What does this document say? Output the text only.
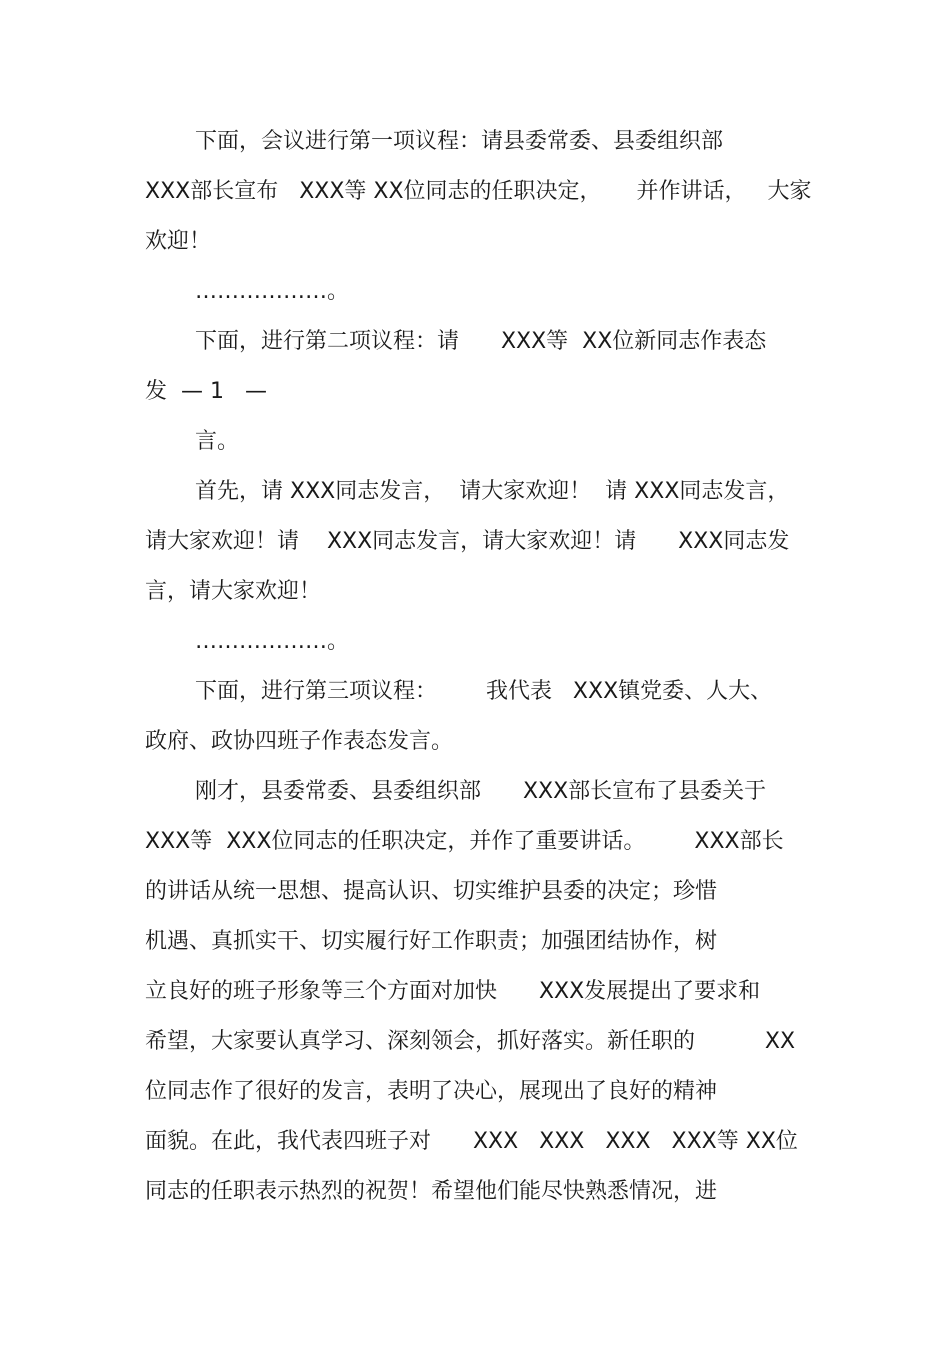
下面，会议进行第一项议程：请县委常委、县委组织部

XXX部长宣布   XXX等 XX位同志的任职决定，     并作讲话，   大家

欢迎！

………………。

下面，进行第二项议程：请      XXX等  XX位新同志作表态

发  — 1   —

言。

首先，请 XXX同志发言，  请大家欢迎！  请 XXX同志发言，

请大家欢迎！请    XXX同志发言，请大家欢迎！请      XXX同志发

言，请大家欢迎！

………………。

下面，进行第三项议程：       我代表   XXX镇党委、人大、

政府、政协四班子作表态发言。

刚才，县委常委、县委组织部      XXX部长宣布了县委关于

XXX等  XXX位同志的任职决定，并作了重要讲话。       XXX部长

的讲话从统一思想、提高认识、切实维护县委的决定；珍惜

机遇、真抓实干、切实履行好工作职责；加强团结协作，树

立良好的班子形象等三个方面对加快      XXX发展提出了要求和

希望，大家要认真学习、深刻领会，抓好落实。新任职的          XX

位同志作了很好的发言，表明了决心，展现出了良好的精神

面貌。在此，我代表四班子对      XXX   XXX   XXX   XXX等 XX位

同志的任职表示热烈的祝贺！希望他们能尽快熟悉情况，进
